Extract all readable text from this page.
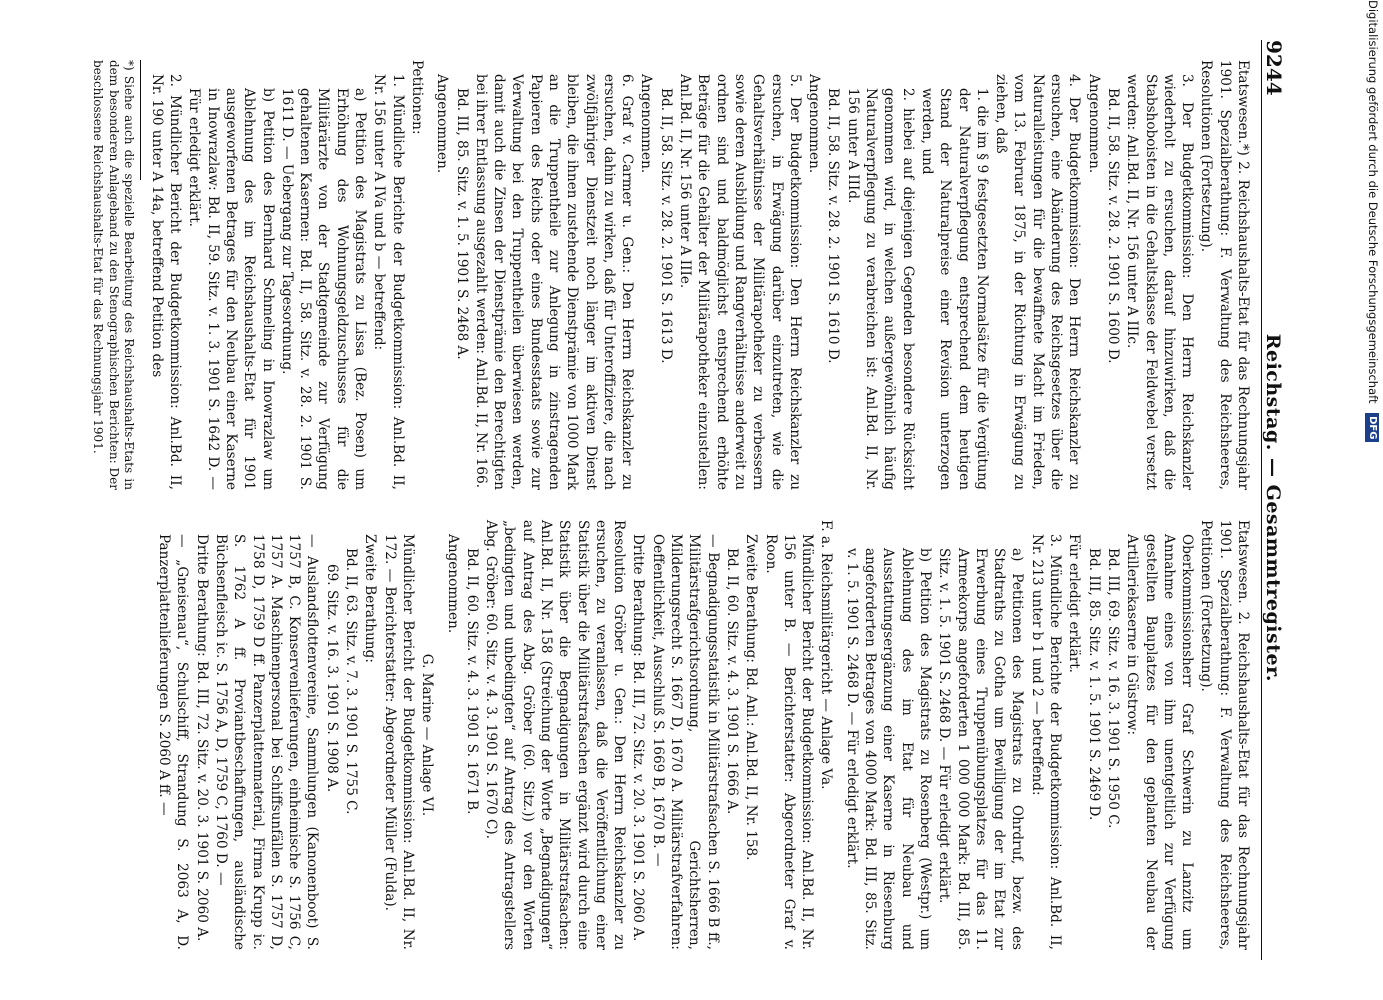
9244
Reichstag. — Gesammtregister.
Etatswesen.*) 2. Reichshaushalts-Etat für das Rechnungsjahr 1901. Spezialberathung: F. Verwaltung des Reichsheeres, Resolutionen (Fortsetzung).
3. Der Budgetkommission: Den Herrn Reichskanzler wiederholt zu ersuchen, darauf hinzuwirken, daß die Stabshoboisten in die Gehaltsklasse der Feldwebel versetzt werden: Anl.Bd. II, Nr. 156 unter A IIIc.
Bd. II, 58. Sitz. v. 28. 2. 1901 S. 1600 D.
Angenommen.
4. Der Budgetkommission: Den Herrn Reichskanzler zu ersuchen, eine Abänderung des Reichsgesetzes über die Naturalleistungen für die bewaffnete Macht im Frieden, vom 13. Februar 1875, in der Richtung in Erwägung zu ziehen, daß
1. die im § 9 festgesetzten Normalsätze für die Vergütung der Naturalverpflegung entsprechend dem heutigen Stand der Naturalpreise einer Revision unterzogen werden, und
2. hiebei auf diejenigen Gegenden besondere Rücksicht genommen wird, in welchen außergewöhnlich häufig Naturalverpflegung zu verabreichen ist: Anl.Bd. II, Nr. 156 unter A IIId.
Bd. II, 58. Sitz. v. 28. 2. 1901 S. 1610 D.
Angenommen.
5. Der Budgetkommission: Den Herrn Reichskanzler zu ersuchen, in Erwägung darüber einzutreten, wie die Gehaltsverhältnisse der Militärapotheker zu verbessern sowie deren Ausbildung und Rangverhältnisse anderweit zu ordnen sind und baldmöglichst entsprechend erhöhte Beträge für die Gehälter der Militärapotheker einzustellen: Anl.Bd. II, Nr. 156 unter A IIIe.
Bd. II, 58. Sitz. v. 28. 2. 1901 S. 1613 D.
Angenommen.
6. Graf v. Carmer u. Gen.: Den Herrn Reichskanzler zu ersuchen, dahin zu wirken, daß für Unteroffiziere, die nach zwölfjähriger Dienstzeit noch länger im aktiven Dienst bleiben, die ihnen zustehende Dienstprämie von 1000 Mark an die Truppentheile zur Anlegung in zinstragenden Papieren des Reichs oder eines Bundesstaats sowie zur Verwaltung bei den Truppentheilen überwiesen werden, damit auch die Zinsen der Dienstprämie den Berechtigten bei ihrer Entlassung ausgezahlt werden: Anl.Bd. II, Nr. 166.
Bd. III, 85. Sitz. v. 1. 5. 1901 S. 2468 A.
Angenommen.
Petitionen:
1. Mündliche Berichte der Budgetkommission: Anl.Bd. II, Nr. 156 unter A IVa und b — betreffend:
a) Petition des Magistrats zu Lissa (Bez. Posen) um Erhöhung des Wohnungsgeldzuschusses für die Militärärzte von der Stadtgemeinde zur Verfügung gehaltenen Kasernen: Bd. II, 58. Sitz. v. 28. 2. 1901 S. 1611 D. — Uebergang zur Tagesordnung.
b) Petition des Bernhard Schmeling in Inowrazlaw um Ablehnung des im Reichshaushalts-Etat für 1901 ausgeworfenen Betrages für den Neubau einer Kaserne in Inowrazlaw: Bd. II, 59. Sitz. v. 1. 3. 1901 S. 1642 D. — Für erledigt erklärt.
2. Mündlicher Bericht der Budgetkommission: Anl.Bd. II, Nr. 190 unter A 14a, betreffend Petition des
*) Siehe auch die spezielle Bearbeitung des Reichshaushalts-Etats in dem besonderen Anlageband zu den Stenographischen Berichten: Der beschlossene Reichshaushalts-Etat für das Rechnungsjahr 1901.
Etatswesen. 2. Reichshaushalts-Etat für das Rechnungsjahr 1901. Spezialberathung: F. Verwaltung des Reichsheeres, Petitionen (Fortsetzung).
Oberkommissionsherr Graf Schwerin zu Lanzitz um Annahme eines von ihm unentgeltlich zur Verfügung gestellten Bauplatzes für den geplanten Neubau der Artilleriekaserne in Güstrow:
Bd. III, 69. Sitz. v. 16. 3. 1901 S. 1950 C.
Bd. III, 85. Sitz. v. 1. 5. 1901 S. 2469 D.
Für erledigt erklärt.
3. Mündliche Berichte der Budgetkommission: Anl.Bd. II, Nr. 213 unter b 1 und 2 — betreffend:
a) Petitionen des Magistrats zu Ohrdruf, bezw. des Stadtraths zu Gotha um Bewilligung der im Etat zur Erwerbung eines Truppenübungsplatzes für das 11. Armeekorps angeforderten 1 000 000 Mark: Bd. III, 85. Sitz. v. 1. 5. 1901 S. 2468 D. — Für erledigt erklärt.
b) Petition des Magistrats zu Rosenberg (Westpr.) um Ablehnung des im Etat für Neubau und Ausstattungsergänzung einer Kaserne in Riesenburg angeforderten Betrages von 4000 Mark: Bd. III, 85. Sitz. v. 1. 5. 1901 S. 2468 D. — Für erledigt erklärt.
F. a. Reichsmilitärgericht — Anlage Va.
Mündlicher Bericht der Budgetkommission: Anl.Bd. II, Nr. 156 unter B. — Berichterstatter: Abgeordneter Graf v. Roon.
Zweite Berathung: Bd. Anl.: Anl.Bd. II, Nr. 158.
Bd. II, 60. Sitz. v. 4. 3. 1901 S. 1666 A.
— Begnadigungsstatistik in Militärstrafsachen S. 1666 B ff., Militärstrafgerichtsordnung, Gerichtsherren, Milderungsrecht S. 1667 D, 1670 A. Militärstrafverfahren: Oeffentlichkeit, Ausschluß S. 1669 B, 1670 B. —
Dritte Berathung: Bd. III, 72. Sitz. v. 20. 3. 1901 S. 2060 A.
Resolution Gröber u. Gen.: Den Herrn Reichskanzler zu ersuchen, zu veranlassen, daß die Veröffentlichung einer Statistik über die Militärstrafsachen ergänzt wird durch eine Statistik über die Begnadigungen in Militärstrafsachen: Anl.Bd. II, Nr. 158 (Streichung der Worte „Begnadigungen“ auf Antrag des Abg. Gröber (60. Sitz.)) vor den Worten „bedingten und unbedingten“ auf Antrag des Antragstellers Abg. Gröber: 60. Sitz. v. 4. 3. 1901 S. 1670 C).
Bd. II, 60. Sitz. v. 4. 3. 1901 S. 1671 B.
Angenommen.
G. Marine — Anlage VI.
Mündlicher Bericht der Budgetkommission: Anl.Bd. II, Nr. 172. — Berichterstatter: Abgeordneter Müller (Fulda).
Zweite Berathung:
Bd. II, 63. Sitz. v. 7. 3. 1901 S. 1755 C.
69. Sitz. v. 16. 3. 1901 S. 1908 A.
— Auslandsflottenvereine, Sammlungen (Kanonenboot) S. 1757 B, C. Konservenlieferungen, einheimische S. 1756 C, 1757 A. Maschinenpersonal bei Schiffsunfällen S. 1757 D, 1758 D, 1759 D ff. Panzerplattenmaterial, Firma Krupp ic. S. 1762 A ff. Proviantbeschaffungen, ausländische Büchsenfleisch ic. S. 1756 A, D, 1759 C, 1760 D. —
Dritte Berathung: Bd. III, 72. Sitz. v. 20. 3. 1901 S. 2060 A.
— „Gneisenau“, Schulschiff, Strandung S. 2063 A, D. Panzerplattenlieferungen S. 2060 A ff. —
Digitalisierung gefördert durch die Deutsche Forschungsgemeinschaft DFG
